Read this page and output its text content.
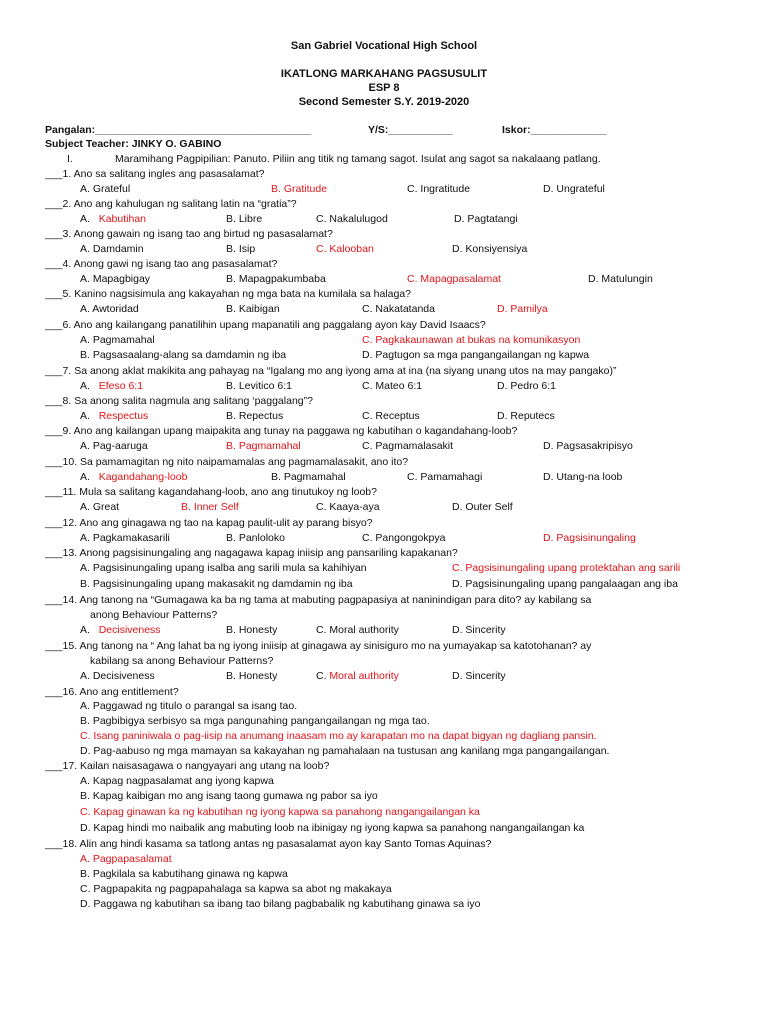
San Gabriel Vocational High School
IKATLONG MARKAHANG PAGSUSULIT
ESP 8
Second Semester S.Y. 2019-2020
Pangalan:_____________________________________	Y/S:___________	Iskor:_____________
Subject Teacher: JINKY O. GABINO
I.	Maramihang Pagpipilian: Panuto. Piliin ang titik ng tamang sagot. Isulat ang sagot sa nakalaang patlang.
___1. Ano sa salitang ingles ang pasasalamat?
A. Grateful	B. Gratitude	C. Ingratitude	D. Ungrateful
___2. Ano ang kahulugan ng salitang latin na “gratia”?
A.   Kabutihan	B. Libre	C. Nakalulugod	D. Pagtatangi
___3. Anong gawain ng isang tao ang birtud ng pasasalamat?
A. Damdamin	B. Isip	C. Kalooban	D. Konsiyensiya
___4. Anong gawi ng isang tao ang pasasalamat?
A. Mapagbigay	B. Mapagpakumbaba	C. Mapagpasalamat	D. Matulungin
___5. Kanino nagsisimula ang kakayahan ng mga bata na kumilala sa halaga?
A. Awtoridad	B. Kaibigan	C. Nakatatanda	D. Pamilya
___6. Ano ang kailangang panatilihin upang mapanatili ang paggalang ayon kay David Isaacs?
A. Pagmamahal	C. Pagkakaunawan at bukas na komunikasyon
B. Pagsasaalang-alang sa damdamin ng iba	D. Pagtugon sa mga pangangailangan ng kapwa
___7. Sa anong aklat makikita ang pahayag na “Igalang mo ang iyong ama at ina (na siyang unang utos na may pangako)”
A.   Efeso 6:1	B. Levitico 6:1	C. Mateo 6:1	D. Pedro 6:1
___8. Sa anong salita nagmula ang salitang ‘paggalang”?
A.   Respectus	B. Repectus	C. Receptus	D. Reputecs
___9. Ano ang kailangan upang maipakita ang tunay na paggawa ng kabutihan o kagandahang-loob?
A. Pag-aaruga	B. Pagmamahal	C. Pagmamalasakit	D. Pagsasakripisyo
___10. Sa pamamagitan ng nito naipamamalas ang pagmamalasakit, ano ito?
A.   Kagandahang-loob	B. Pagmamahal	C. Pamamahagi	D. Utang-na loob
___11. Mula sa salitang kagandahang-loob, ano ang tinutukoy ng loob?
A. Great	B. Inner Self	C. Kaaya-aya	D. Outer Self
___12. Ano ang ginagawa ng tao na kapag paulit-ulit ay parang bisyo?
A. Pagkamakasarili	B. Panloloko	C. Pangongokpya	D. Pagsisinungaling
___13. Anong pagsisinungaling ang nagagawa kapag iniisip ang pansariling kapakanan?
A. Pagsisinungaling upang isalba ang sarili mula sa kahihiyan	C. Pagsisinungaling upang protektahan ang sarili
B. Pagsisinungaling upang makasakit ng damdamin ng iba	D. Pagsisinungaling upang pangalaagan ang iba
___14. Ang tanong na “Gumagawa ka ba ng tama at mabuting pagpapasiya at naninindigan para dito? ay kabilang sa
anong Behaviour Patterns?
A.   Decisiveness	B. Honesty	C. Moral authority	D. Sincerity
___15. Ang tanong na “ Ang lahat ba ng iyong iniisip at ginagawa ay sinisiguro mo na yumayakap sa katotohanan? ay
kabilang sa anong Behaviour Patterns?
A. Decisiveness	B. Honesty	C. Moral authority	D. Sincerity
___16. Ano ang entitlement?
A. Paggawad ng titulo o parangal sa isang tao.
B. Pagbibigya serbisyo sa mga pangunahing pangangailangan ng mga tao.
C. Isang paniniwala o pag-iisip na anumang inaasam mo ay karapatan mo na dapat bigyan ng dagliang pansin.
D. Pag-aabuso ng mga mamayan sa kakayahan ng pamahalaan na tustusan ang kanilang mga pangangailangan.
___17. Kailan naisasagawa o nangyayari ang utang na loob?
A. Kapag nagpasalamat ang iyong kapwa
B. Kapag kaibigan mo ang isang taong gumawa ng pabor sa iyo
C. Kapag ginawan ka ng kabutihan ng iyong kapwa sa panahong nangangailangan ka
D. Kapag hindi mo naibalik ang mabuting loob na ibinigay ng iyong kapwa sa panahong nangangailangan ka
___18. Alin ang hindi kasama sa tatlong antas ng pasasalamat ayon kay Santo Tomas Aquinas?
A. Pagpapasalamat
B. Pagkilala sa kabutihang ginawa ng kapwa
C. Pagpapakita ng pagpapahalaga sa kapwa sa abot ng makakaya
D. Paggawa ng kabutihan sa ibang tao bilang pagbabalik ng kabutihang ginawa sa iyo
